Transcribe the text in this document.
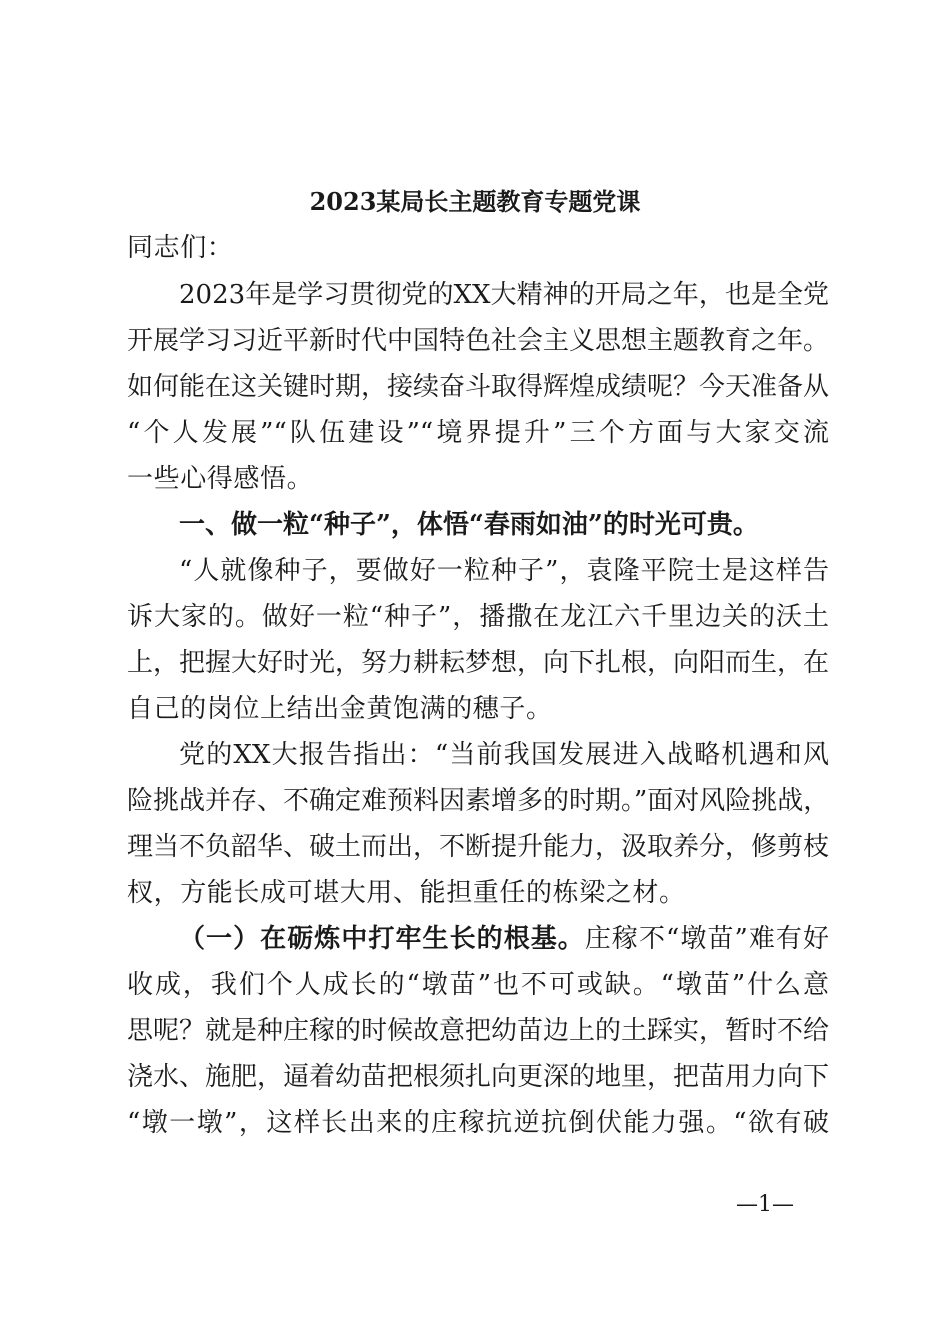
2023某局长主题教育专题党课
同志们：
2023年是学习贯彻党的XX大精神的开局之年，也是全党
开展学习习近平新时代中国特色社会主义思想主题教育之年。
如何能在这关键时期，接续奋斗取得辉煌成绩呢？今天准备从
“个人发展”“队伍建设”“境界提升”三个方面与大家交流
一些心得感悟。
一、做一粒“种子”，体悟“春雨如油”的时光可贵。
“人就像种子，要做好一粒种子”，袁隆平院士是这样告
诉大家的。做好一粒“种子”，播撒在龙江六千里边关的沃土
上，把握大好时光，努力耕耘梦想，向下扎根，向阳而生，在
自己的岗位上结出金黄饱满的穗子。
党的XX大报告指出：“当前我国发展进入战略机遇和风
险挑战并存、不确定难预料因素增多的时期。”面对风险挑战，
理当不负韶华、破土而出，不断提升能力，汲取养分，修剪枝
杈，方能长成可堪大用、能担重任的栋梁之材。
（一）在砺炼中打牢生长的根基。庄稼不“墩苗”难有好
收成，我们个人成长的“墩苗”也不可或缺。“墩苗”什么意
思呢？就是种庄稼的时候故意把幼苗边上的土踩实，暂时不给
浇水、施肥，逼着幼苗把根须扎向更深的地里，把苗用力向下
“墩一墩”，这样长出来的庄稼抗逆抗倒伏能力强。“欲有破
—1—
